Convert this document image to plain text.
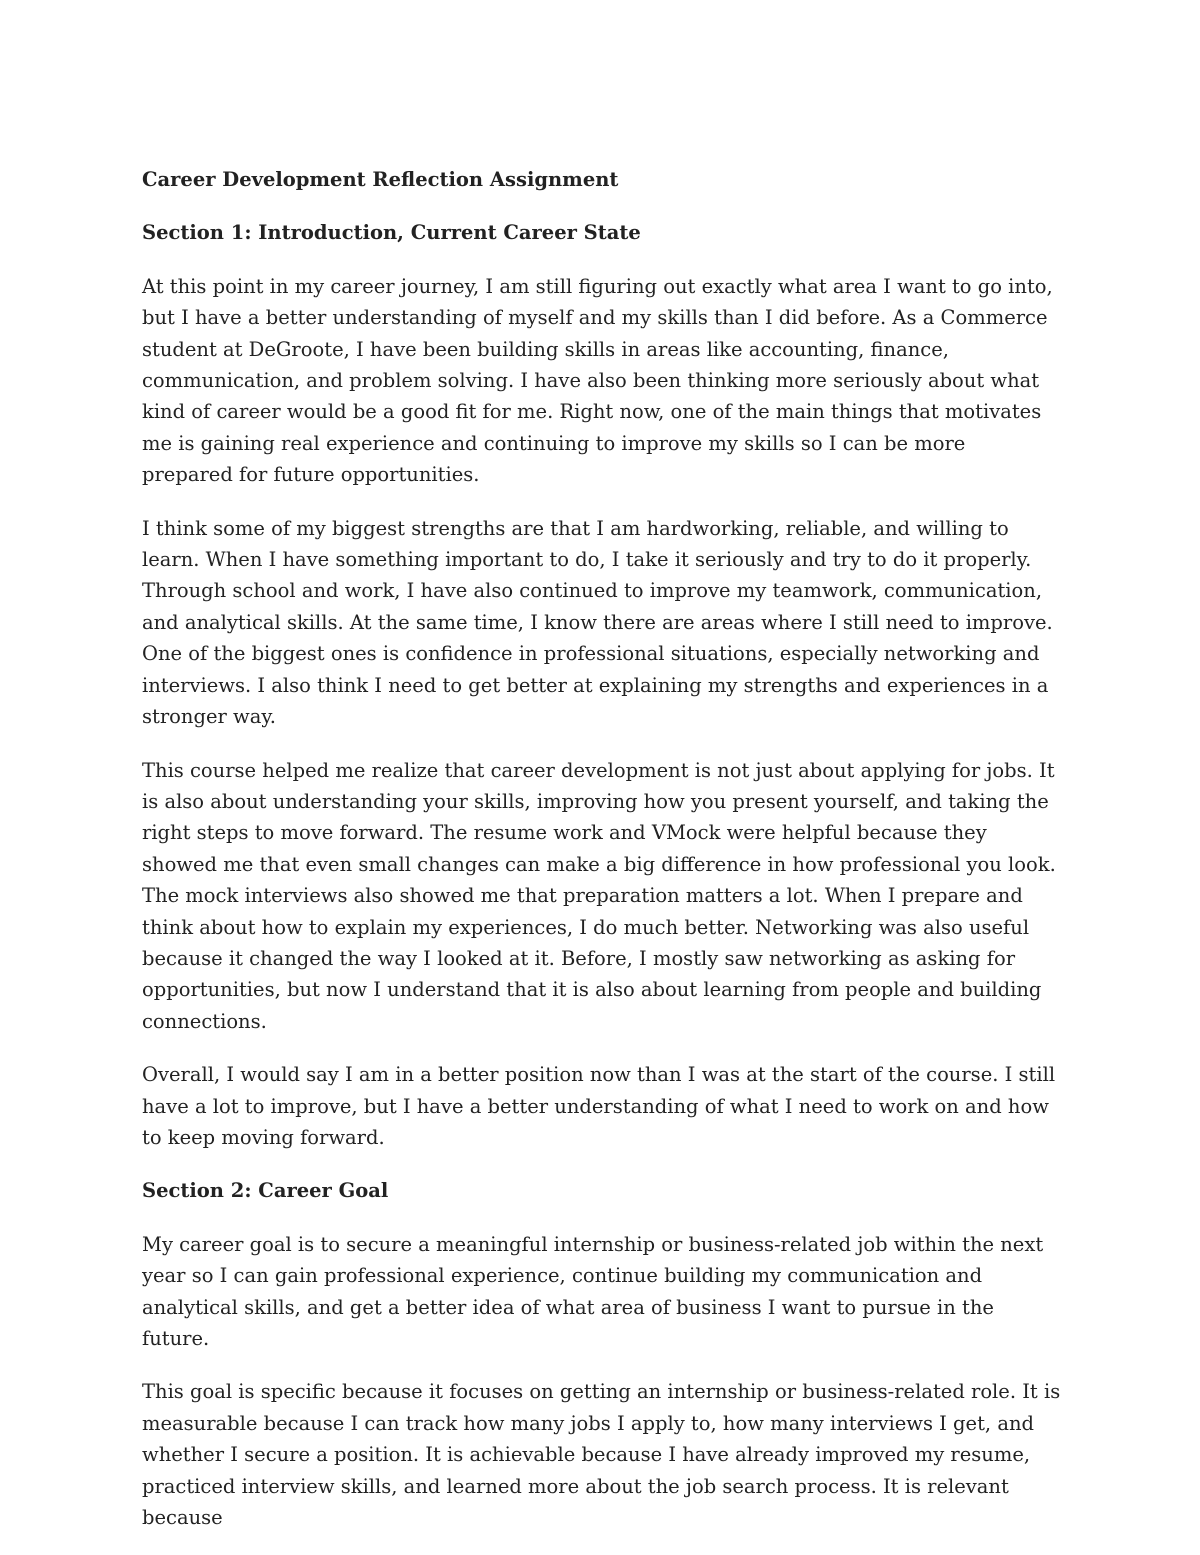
Career Development Reflection Assignment
Section 1: Introduction, Current Career State

At this point in my career journey, I am still figuring out exactly what area I want to go into, but I have a better understanding of myself and my skills than I did before. As a Commerce student at DeGroote, I have been building skills in areas like accounting, finance, communication, and problem solving. I have also been thinking more seriously about what kind of career would be a good fit for me. Right now, one of the main things that motivates me is gaining real experience and continuing to improve my skills so I can be more prepared for future opportunities.

I think some of my biggest strengths are that I am hardworking, reliable, and willing to learn. When I have something important to do, I take it seriously and try to do it properly. Through school and work, I have also continued to improve my teamwork, communication, and analytical skills. At the same time, I know there are areas where I still need to improve. One of the biggest ones is confidence in professional situations, especially networking and interviews. I also think I need to get better at explaining my strengths and experiences in a stronger way.

This course helped me realize that career development is not just about applying for jobs. It is also about understanding your skills, improving how you present yourself, and taking the right steps to move forward. The resume work and VMock were helpful because they showed me that even small changes can make a big difference in how professional you look. The mock interviews also showed me that preparation matters a lot. When I prepare and think about how to explain my experiences, I do much better. Networking was also useful because it changed the way I looked at it. Before, I mostly saw networking as asking for opportunities, but now I understand that it is also about learning from people and building connections.

Overall, I would say I am in a better position now than I was at the start of the course. I still have a lot to improve, but I have a better understanding of what I need to work on and how to keep moving forward.

Section 2: Career Goal

My career goal is to secure a meaningful internship or business-related job within the next year so I can gain professional experience, continue building my communication and analytical skills, and get a better idea of what area of business I want to pursue in the future.

This goal is specific because it focuses on getting an internship or business-related role. It is measurable because I can track how many jobs I apply to, how many interviews I get, and whether I secure a position. It is achievable because I have already improved my resume, practiced interview skills, and learned more about the job search process. It is relevant because
